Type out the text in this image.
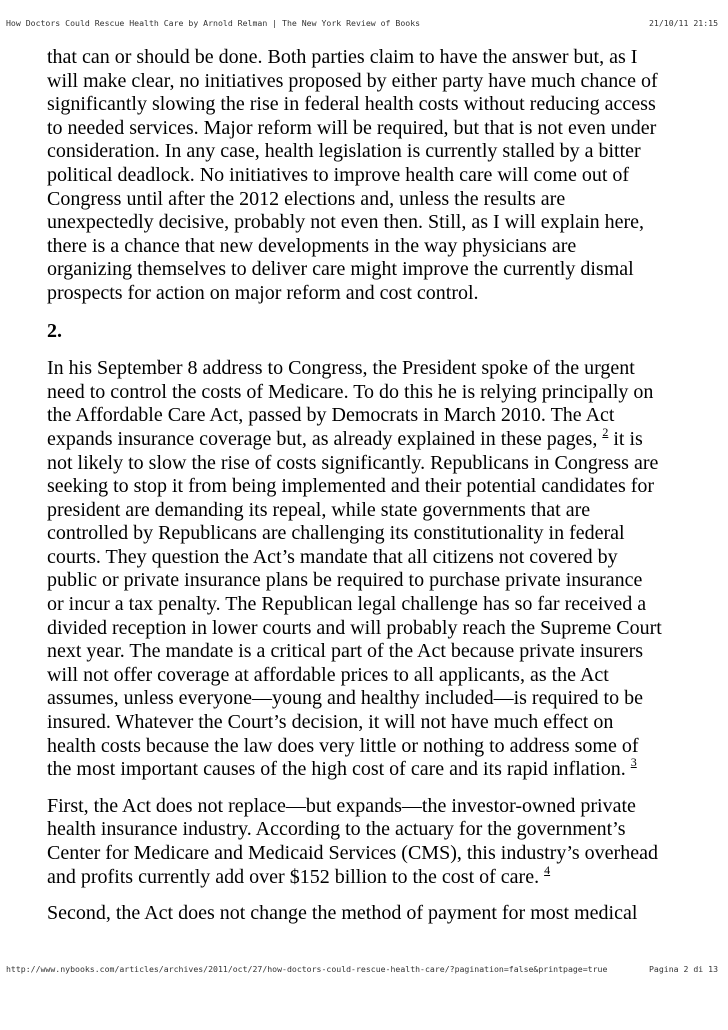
How Doctors Could Rescue Health Care by Arnold Relman | The New York Review of Books	21/10/11 21:15

that can or should be done. Both parties claim to have the answer but, as I
will make clear, no initiatives proposed by either party have much chance of
significantly slowing the rise in federal health costs without reducing access
to needed services. Major reform will be required, but that is not even under
consideration. In any case, health legislation is currently stalled by a bitter
political deadlock. No initiatives to improve health care will come out of
Congress until after the 2012 elections and, unless the results are
unexpectedly decisive, probably not even then. Still, as I will explain here,
there is a chance that new developments in the way physicians are
organizing themselves to deliver care might improve the currently dismal
prospects for action on major reform and cost control.

2.

In his September 8 address to Congress, the President spoke of the urgent
need to control the costs of Medicare. To do this he is relying principally on
the Affordable Care Act, passed by Democrats in March 2010. The Act
expands insurance coverage but, as already explained in these pages, $^2$ it is
not likely to slow the rise of costs significantly. Republicans in Congress are
seeking to stop it from being implemented and their potential candidates for
president are demanding its repeal, while state governments that are
controlled by Republicans are challenging its constitutionality in federal
courts. They question the Act’s mandate that all citizens not covered by
public or private insurance plans be required to purchase private insurance
or incur a tax penalty. The Republican legal challenge has so far received a
divided reception in lower courts and will probably reach the Supreme Court
next year. The mandate is a critical part of the Act because private insurers
will not offer coverage at affordable prices to all applicants, as the Act
assumes, unless everyone—young and healthy included—is required to be
insured. Whatever the Court’s decision, it will not have much effect on
health costs because the law does very little or nothing to address some of
the most important causes of the high cost of care and its rapid inflation. $^3$

First, the Act does not replace—but expands—the investor-owned private
health insurance industry. According to the actuary for the government’s
Center for Medicare and Medicaid Services (CMS), this industry’s overhead
and profits currently add over $152 billion to the cost of care. $^4$

Second, the Act does not change the method of payment for most medical

http://www.nybooks.com/articles/archives/2011/oct/27/how-doctors-could-rescue-health-care/?pagination=false&printpage=true	Pagina 2 di 13
